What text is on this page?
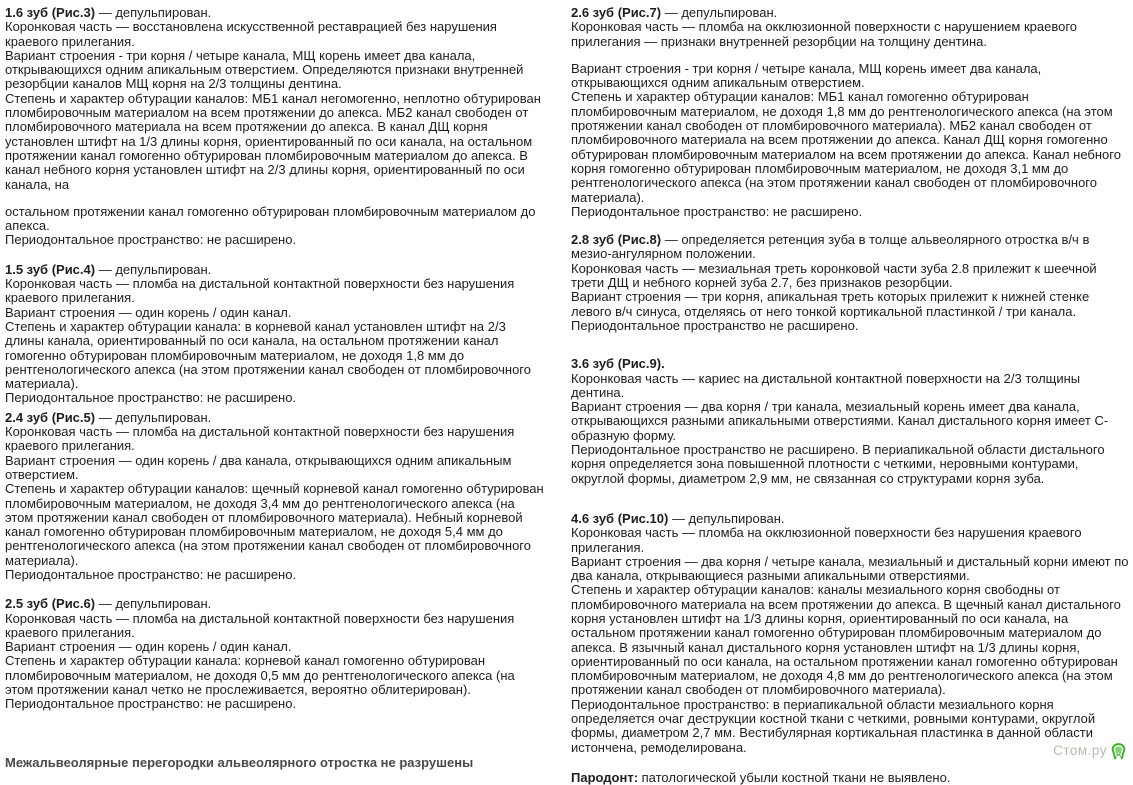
1.6 зуб (Рис.3) — депульпирован.

Коронковая часть — восстановлена искусственной реставрацией без нарушения краевого прилегания.

Вариант строения - три корня / четыре канала, МЩ корень имеет два канала, открывающихся одним апикальным отверстием. Определяются признаки внутренней резорбции каналов МЩ корня на 2/3 толщины дентина.

Степень и характер обтурации каналов: МБ1 канал негомогенно, неплотно обтурирован пломбировочным материалом на всем протяжении до апекса. МБ2 канал свободен от пломбировочного материала на всем протяжении до апекса. В канал ДЩ корня установлен штифт на 1/3 длины корня, ориентированный по оси канала, на остальном протяжении канал гомогенно обтурирован пломбировочным материалом до апекса. В канал небного корня установлен штифт на 2/3 длины корня, ориентированный по оси канала, на

остальном протяжении канал гомогенно обтурирован пломбировочным материалом до апекса.

Периодонтальное пространство: не расширено.

1.5 зуб (Рис.4) — депульпирован.

Коронковая часть — пломба на дистальной контактной поверхности без нарушения краевого прилегания.

Вариант строения — один корень / один канал.

Степень и характер обтурации канала: в корневой канал установлен штифт на 2/3 длины канала, ориентированный по оси канала, на остальном протяжении канал гомогенно обтурирован пломбировочным материалом, не доходя 1,8 мм до рентгенологического апекса (на этом протяжении канал свободен от пломбировочного материала).

Периодонтальное пространство: не расширено.

2.4 зуб (Рис.5) — депульпирован.

Коронковая часть — пломба на дистальной контактной поверхности без нарушения краевого прилегания.

Вариант строения — один корень / два канала, открывающихся одним апикальным отверстием.

Степень и характер обтурации каналов: щечный корневой канал гомогенно обтурирован пломбировочным материалом, не доходя 3,4 мм до рентгенологического апекса (на этом протяжении канал свободен от пломбировочного материала). Небный корневой канал гомогенно обтурирован пломбировочным материалом, не доходя 5,4 мм до рентгенологического апекса (на этом протяжении канал свободен от пломбировочного материала).

Периодонтальное пространство: не расширено.

2.5 зуб (Рис.6) — депульпирован.

Коронковая часть — пломба на дистальной контактной поверхности без нарушения краевого прилегания.

Вариант строения — один корень / один канал.

Степень и характер обтурации канала: корневой канал гомогенно обтурирован пломбировочным материалом, не доходя 0,5 мм до рентгенологического апекса (на этом протяжении канал четко не прослеживается, вероятно облитерирован).

Периодонтальное пространство: не расширено.

2.6 зуб (Рис.7) — депульпирован.

Коронковая часть — пломба на окклюзионной поверхности с нарушением краевого прилегания — признаки внутренней резорбции на толщину дентина.

Вариант строения - три корня / четыре канала, МЩ корень имеет два канала, открывающихся одним апикальным отверстием.

Степень и характер обтурации каналов: МБ1 канал гомогенно обтурирован пломбировочным материалом, не доходя 1,8 мм до рентгенологического апекса (на этом протяжении канал свободен от пломбировочного материала). МБ2 канал свободен от пломбировочного материала на всем протяжении до апекса. Канал ДЩ корня гомогенно обтурирован пломбировочным материалом на всем протяжении до апекса. Канал небного корня гомогенно обтурирован пломбировочным материалом, не доходя 3,1 мм до рентгенологического апекса (на этом протяжении канал свободен от пломбировочного материала).

Периодонтальное пространство: не расширено.

2.8 зуб (Рис.8) — определяется ретенция зуба в толще альвеолярного отростка в/ч в мезио-ангулярном положении.

Коронковая часть — мезиальная треть коронковой части зуба 2.8 прилежит к шеечной трети ДЩ и небного корней зуба 2.7, без признаков резорбции.

Вариант строения — три корня, апикальная треть которых прилежит к нижней стенке левого в/ч синуса, отделяясь от него тонкой кортикальной пластинкой / три канала.

Периодонтальное пространство не расширено.

3.6 зуб (Рис.9).

Коронковая часть — кариес на дистальной контактной поверхности на 2/3 толщины дентина.

Вариант строения — два корня / три канала, мезиальный корень имеет два канала, открывающихся разными апикальными отверстиями. Канал дистального корня имеет С-образную форму.

Периодонтальное пространство не расширено. В периапикальной области дистального корня определяется зона повышенной плотности с четкими, неровными контурами, округлой формы, диаметром 2,9 мм, не связанная со структурами корня зуба.

4.6 зуб (Рис.10) — депульпирован.

Коронковая часть — пломба на окклюзионной поверхности без нарушения краевого прилегания.

Вариант строения — два корня / четыре канала, мезиальный и дистальный корни имеют по два канала, открывающиеся разными апикальными отверстиями.

Степень и характер обтурации каналов: каналы мезиального корня свободны от пломбировочного материала на всем протяжении до апекса. В щечный канал дистального корня установлен штифт на 1/3 длины корня, ориентированный по оси канала, на остальном протяжении канал гомогенно обтурирован пломбировочным материалом до апекса. В язычный канал дистального корня установлен штифт на 1/3 длины корня, ориентированный по оси канала, на остальном протяжении канал гомогенно обтурирован пломбировочным материалом, не доходя 4,8 мм до рентгенологического апекса (на этом протяжении канал свободен от пломбировочного материала).

Периодонтальное пространство: в периапикальной области мезиального корня определяется очаг деструкции костной ткани с четкими, ровными контурами, округлой формы, диаметром 2,7 мм. Вестибулярная кортикальная пластинка в данной области истончена, ремоделирована.

Пародонт: патологической убыли костной ткани не выявлено.

Межальвеолярные перегородки альвеолярного отростка не разрушены
Стом.ру
